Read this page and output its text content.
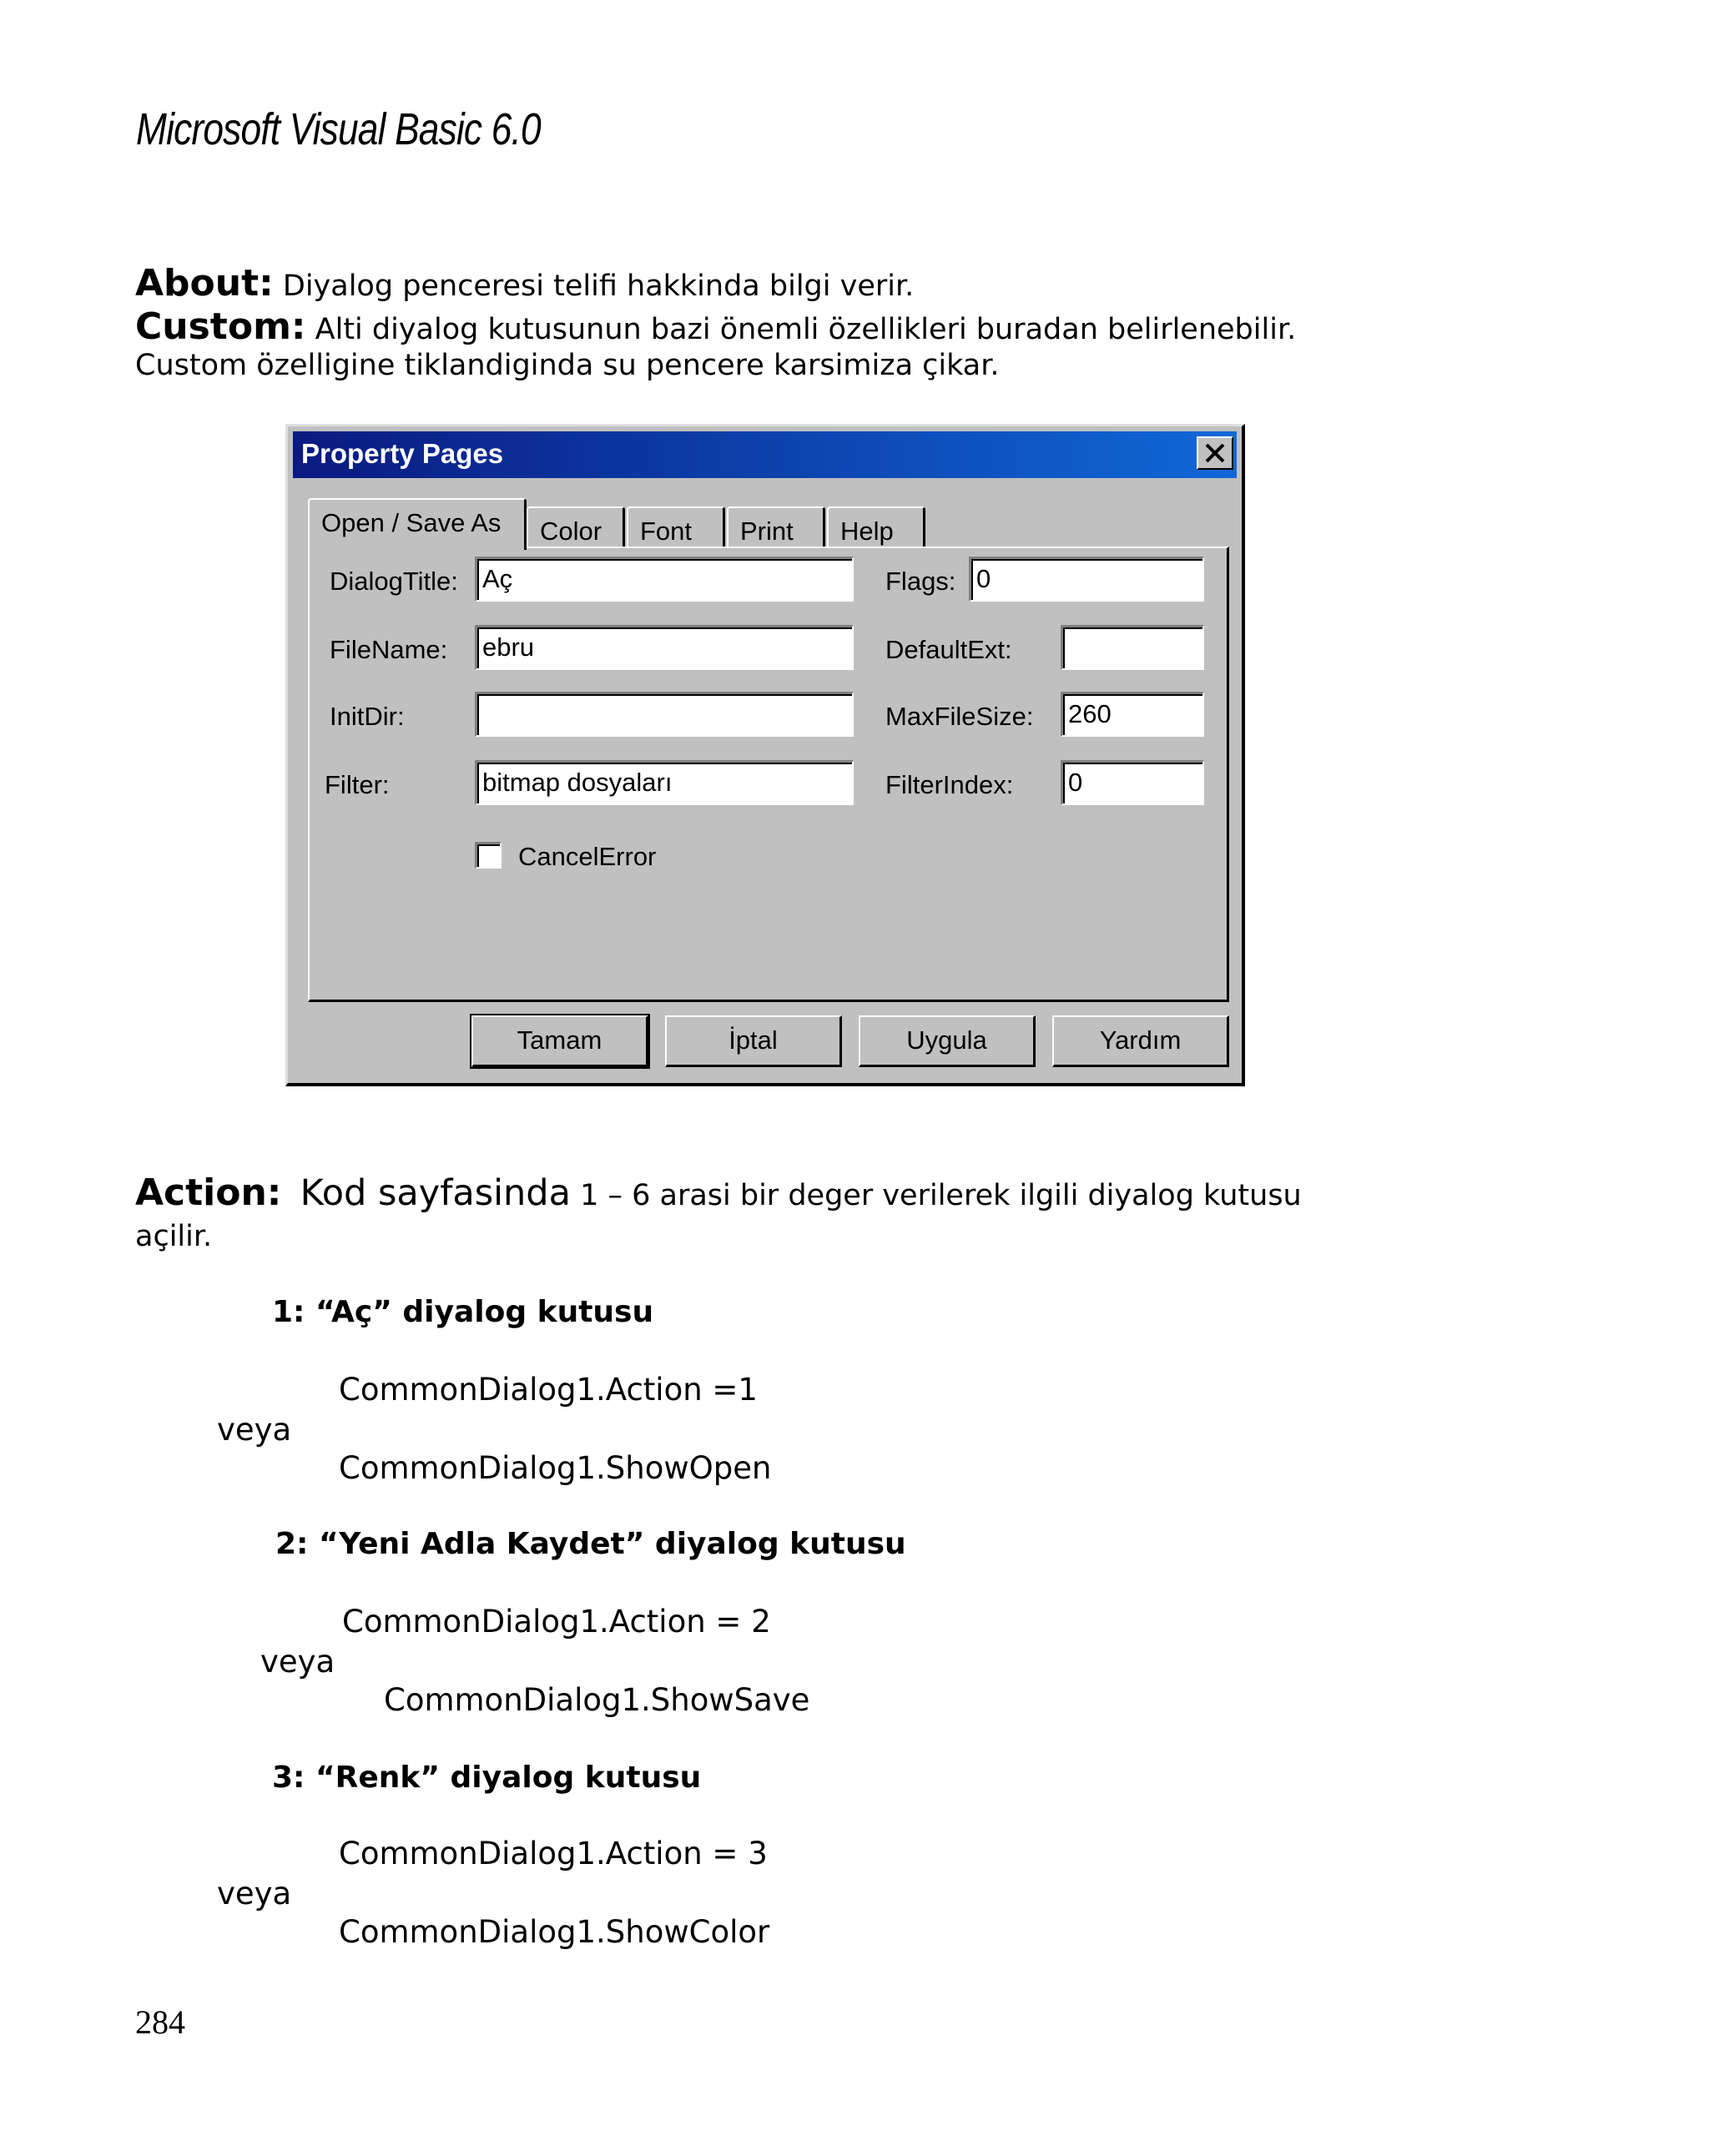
Microsoft Visual Basic 6.0
About: Diyalog penceresi telifi hakkinda bilgi verir.
Custom: Alti diyalog kutusunun bazi önemli özellikleri buradan belirlenebilir.
Custom özelligine tiklandiginda su pencere karsimiza çikar.
Property Pages
Open / Save As	Color	Font	Print	Help
DialogTitle: Aç	Flags: 0
FileName: ebru	DefaultExt:
InitDir:	MaxFileSize: 260
Filter:	bitmap dosyaları	FilterIndex: 0
CancelError
Tamam	İptal	Uygula	Yardım
Action: Kod sayfasinda 1 – 6 arasi bir deger verilerek ilgili diyalog kutusu
açilir.
1: “Aç” diyalog kutusu
CommonDialog1.Action =1
veya
CommonDialog1.ShowOpen
2: “Yeni Adla Kaydet” diyalog kutusu
CommonDialog1.Action = 2
veya
CommonDialog1.ShowSave
3: “Renk” diyalog kutusu
CommonDialog1.Action = 3
veya
CommonDialog1.ShowColor
284
